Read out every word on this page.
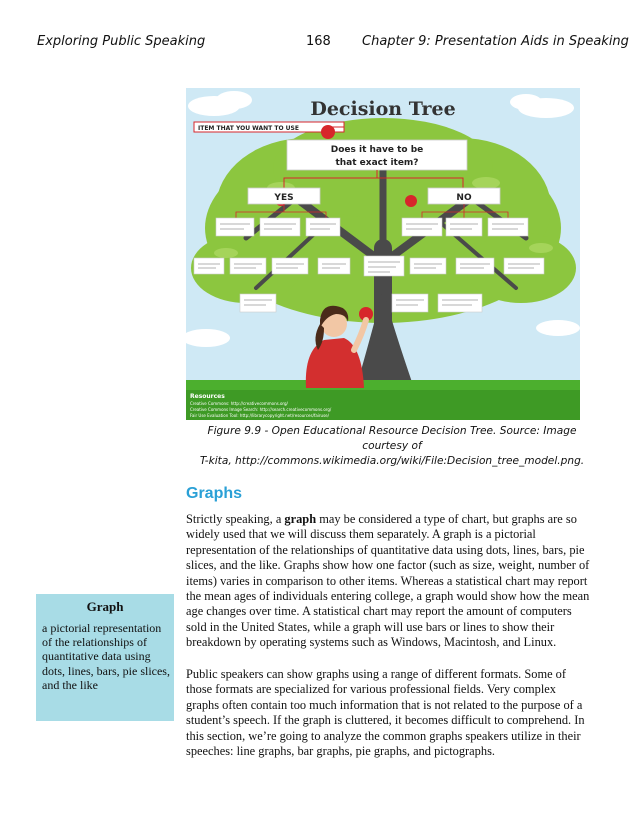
Exploring Public Speaking	168 Chapter 9: Presentation Aids in Speaking
Decision Tree
ITEM THAT YOU WANT TO USE
Does it have to be
that exact item?
YES	NO
Resources
Creative Commons: http://creativecommons.org/
Creative Commons Image Search: http://search.creativecommons.org/
Fair Use Evaluation Tool: http://librarycopyright.net/resources/fairuse/
Figure 9.9 - Open Educational Resource Decision Tree. Source: Image courtesy of
T-kita, http://commons.wikimedia.org/wiki/File:Decision_tree_model.png.
Graphs

Strictly speaking, a graph may be considered a type of chart, but graphs are so widely used that we will discuss them separately. A graph is a pictorial representation of the relationships of quantitative data using dots, lines, bars, pie slices, and the like. Graphs show how one factor (such as size, weight, number of items) varies in comparison to other items. Whereas a statistical chart may report the mean ages of individuals entering college, a graph would show how the mean age changes over time. A statistical chart may report the amount of computers sold in the United States, while a graph will use bars or lines to show their breakdown by operating systems such as Windows, Macintosh, and Linux.

Public speakers can show graphs using a range of different formats. Some of those formats are specialized for various professional fields. Very complex graphs often contain too much information that is not related to the purpose of a student’s speech. If the graph is cluttered, it becomes difficult to comprehend. In this section, we’re going to analyze the common graphs speakers utilize in their speeches: line graphs, bar graphs, pie graphs, and pictographs.

Graph
a pictorial representation of the relationships of quantitative data using dots, lines, bars, pie slices, and the like
